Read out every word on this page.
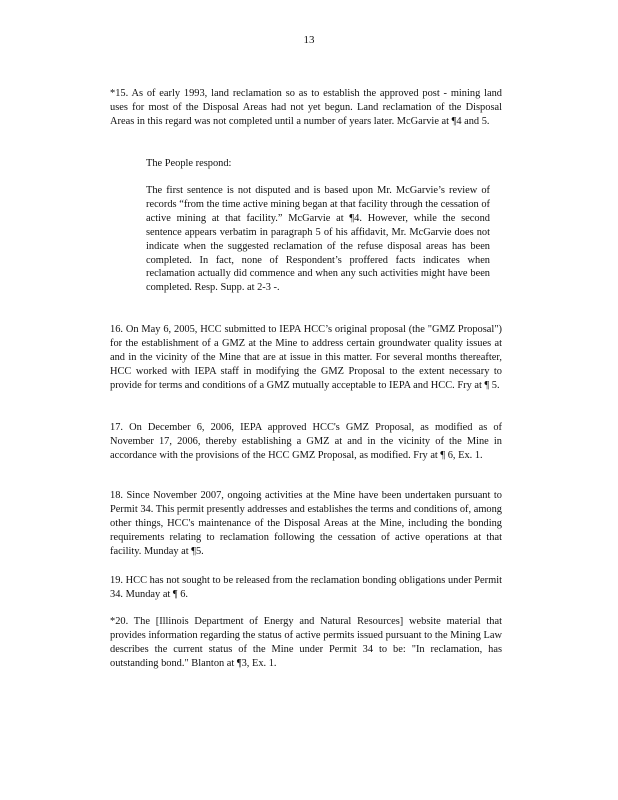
13

*15. As of early 1993, land reclamation so as to establish the approved post - mining land uses for most of the Disposal Areas had not yet begun. Land reclamation of the Disposal Areas in this regard was not completed until a number of years later. McGarvie at ¶4 and 5.

The People respond:

The first sentence is not disputed and is based upon Mr. McGarvie’s review of records “from the time active mining began at that facility through the cessation of active mining at that facility.” McGarvie at ¶4. However, while the second sentence appears verbatim in paragraph 5 of his affidavit, Mr. McGarvie does not indicate when the suggested reclamation of the refuse disposal areas has been completed. In fact, none of Respondent’s proffered facts indicates when reclamation actually did commence and when any such activities might have been completed. Resp. Supp. at 2-3 -.

16. On May 6, 2005, HCC submitted to IEPA HCC’s original proposal (the "GMZ Proposal") for the establishment of a GMZ at the Mine to address certain groundwater quality issues at and in the vicinity of the Mine that are at issue in this matter. For several months thereafter, HCC worked with IEPA staff in modifying the GMZ Proposal to the extent necessary to provide for terms and conditions of a GMZ mutually acceptable to IEPA and HCC. Fry at ¶ 5.

17. On December 6, 2006, IEPA approved HCC's GMZ Proposal, as modified as of November 17, 2006, thereby establishing a GMZ at and in the vicinity of the Mine in accordance with the provisions of the HCC GMZ Proposal, as modified. Fry at ¶ 6, Ex. 1.

18. Since November 2007, ongoing activities at the Mine have been undertaken pursuant to Permit 34. This permit presently addresses and establishes the terms and conditions of, among other things, HCC's maintenance of the Disposal Areas at the Mine, including the bonding requirements relating to reclamation following the cessation of active operations at that facility. Munday at ¶5.

19. HCC has not sought to be released from the reclamation bonding obligations under Permit 34. Munday at ¶ 6.

*20. The [Illinois Department of Energy and Natural Resources] website material that provides information regarding the status of active permits issued pursuant to the Mining Law describes the current status of the Mine under Permit 34 to be: "In reclamation, has outstanding bond." Blanton at ¶3, Ex. 1.
